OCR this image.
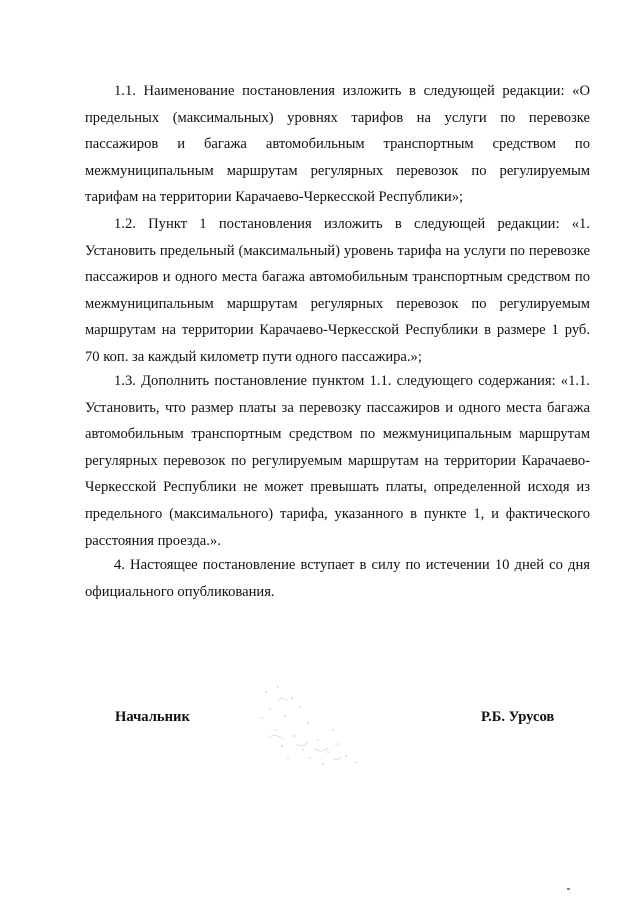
1.1. Наименование постановления изложить в следующей редакции: «О предельных (максимальных) уровнях тарифов на услуги по перевозке пассажиров и багажа автомобильным транспортным средством по межмуниципальным маршрутам регулярных перевозок по регулируемым тарифам на территории Карачаево-Черкесской Республики»;

1.2. Пункт 1 постановления изложить в следующей редакции: «1. Установить предельный (максимальный) уровень тарифа на услуги по перевозке пассажиров и одного места багажа автомобильным транспортным средством по межмуниципальным маршрутам регулярных перевозок по регулируемым маршрутам на территории Карачаево-Черкесской Республики в размере 1 руб. 70 коп. за каждый километр пути одного пассажира.»;

1.3. Дополнить постановление пунктом 1.1. следующего содержания: «1.1. Установить, что размер платы за перевозку пассажиров и одного места багажа автомобильным транспортным средством по межмуниципальным маршрутам регулярных перевозок по регулируемым маршрутам на территории Карачаево-Черкесской Республики не может превышать платы, определенной исходя из предельного (максимального) тарифа, указанного в пункте 1, и фактического расстояния проезда.».

4. Настоящее постановление вступает в силу по истечении 10 дней со дня официального опубликования.

Начальник	Р.Б. Урусов
